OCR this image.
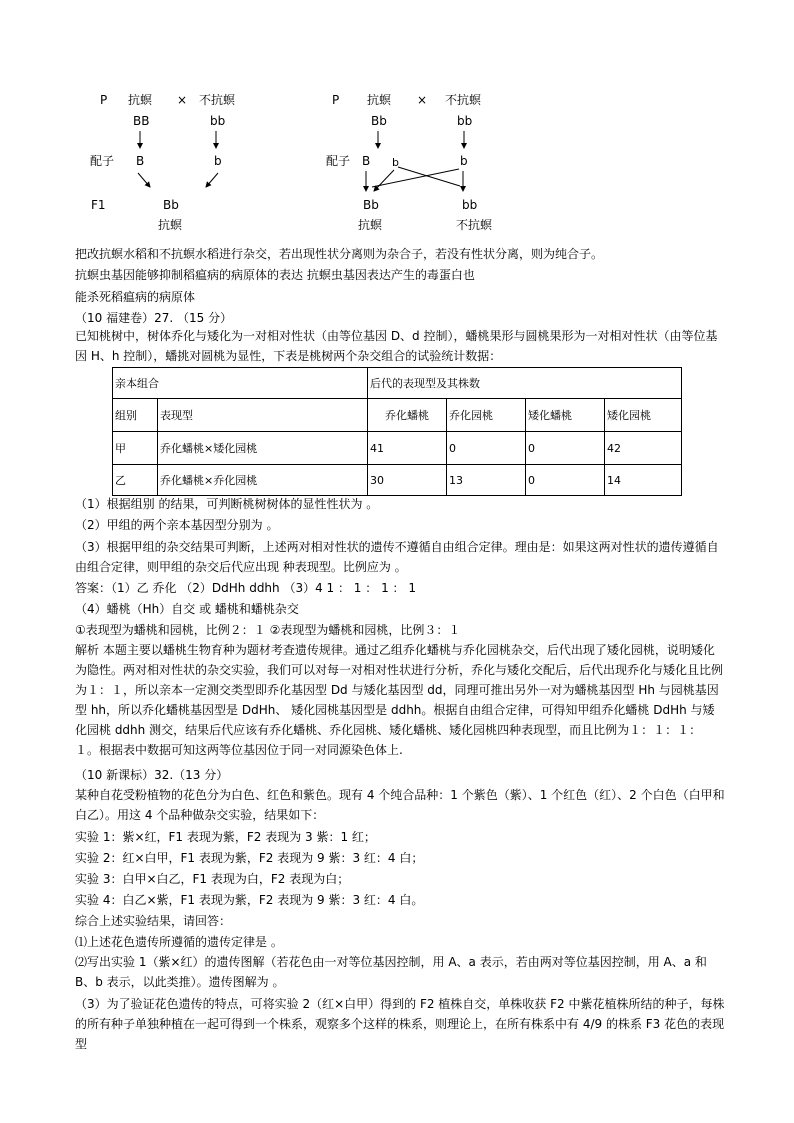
P 抗螟 × 不抗螟
BB	bb
配子 B	b
F1	Bb
抗螟
P 抗螟 × 不抗螟
Bb	bb
配子 B b	b
Bb	bb
抗螟	不抗螟
把改抗螟水稻和不抗螟水稻进行杂交，若出现性状分离则为杂合子，若没有性状分离，则为纯合子。
抗螟虫基因能够抑制稻瘟病的病原体的表达 抗螟虫基因表达产生的毒蛋白也
能杀死稻瘟病的病原体
（10 福建卷）27. （15 分）
已知桃树中，树体乔化与矮化为一对相对性状（由等位基因 D、d 控制），蟠桃果形与圆桃果形为一对相对性状（由等位基因 H、h 控制），蟠挑对圆桃为显性，下表是桃树两个杂交组合的试验统计数据：
亲本组合		后代的表现型及其株数			
组别	表现型	乔化蟠桃	乔化园桃	矮化蟠桃	矮化园桃
甲	乔化蟠桃×矮化园桃	41	0	0	42
乙	乔化蟠桃×乔化园桃	30	13	0	14
（1）根据组别 的结果，可判断桃树树体的显性性状为 。
（2）甲组的两个亲本基因型分别为 。
（3）根据甲组的杂交结果可判断，上述两对相对性状的遗传不遵循自由组合定律。理由是：如果这两对性状的遗传遵循自由组合定律，则甲组的杂交后代应出现 种表现型。比例应为 。
答案：（1）乙 乔化 （2）DdHh ddhh （3）4 1 ： 1 ： 1 ： 1
（4）蟠桃（Hh）自交 或 蟠桃和蟠桃杂交
①表现型为蟠桃和园桃，比例２：１ ②表现型为蟠桃和园桃，比例３：１
解析 本题主要以蟠桃生物育种为题材考查遗传规律。通过乙组乔化蟠桃与乔化园桃杂交，后代出现了矮化园桃，说明矮化为隐性。两对相对性状的杂交实验，我们可以对每一对相对性状进行分析，乔化与矮化交配后，后代出现乔化与矮化且比例为１：１，所以亲本一定测交类型即乔化基因型 Dd 与矮化基因型 dd，同理可推出另外一对为蟠桃基因型 Hh 与园桃基因型 hh，所以乔化蟠桃基因型是 DdHh、 矮化园桃基因型是 ddhh。根据自由组合定律，可得知甲组乔化蟠桃 DdHh 与矮化园桃 ddhh 测交，结果后代应该有乔化蟠桃、乔化园桃、矮化蟠桃、矮化园桃四种表现型，而且比例为１：１：１： １。根据表中数据可知这两等位基因位于同一对同源染色体上.
（10 新课标）32.（13 分）
某种自花受粉植物的花色分为白色、红色和紫色。现有 4 个纯合品种：1 个紫色（紫）、1 个红色（红）、2 个白色（白甲和白乙）。用这 4 个品种做杂交实验，结果如下：
实验 1：紫×红，F1 表现为紫，F2 表现为 3 紫：1 红；
实验 2：红×白甲，F1 表现为紫，F2 表现为 9 紫：3 红：4 白；
实验 3：白甲×白乙，F1 表现为白，F2 表现为白；
实验 4：白乙×紫，F1 表现为紫，F2 表现为 9 紫：3 红：4 白。
综合上述实验结果，请回答：
⑴上述花色遗传所遵循的遗传定律是 。
⑵写出实验 1（紫×红）的遗传图解（若花色由一对等位基因控制，用 A、a 表示，若由两对等位基因控制，用 A、a 和 B、b 表示，以此类推）。遗传图解为 。
（3）为了验证花色遗传的特点，可将实验 2（红×白甲）得到的 F2 植株自交，单株收获 F2 中紫花植株所结的种子，每株的所有种子单独种植在一起可得到一个株系，观察多个这样的株系，则理论上，在所有株系中有 4/9 的株系 F3 花色的表现型
